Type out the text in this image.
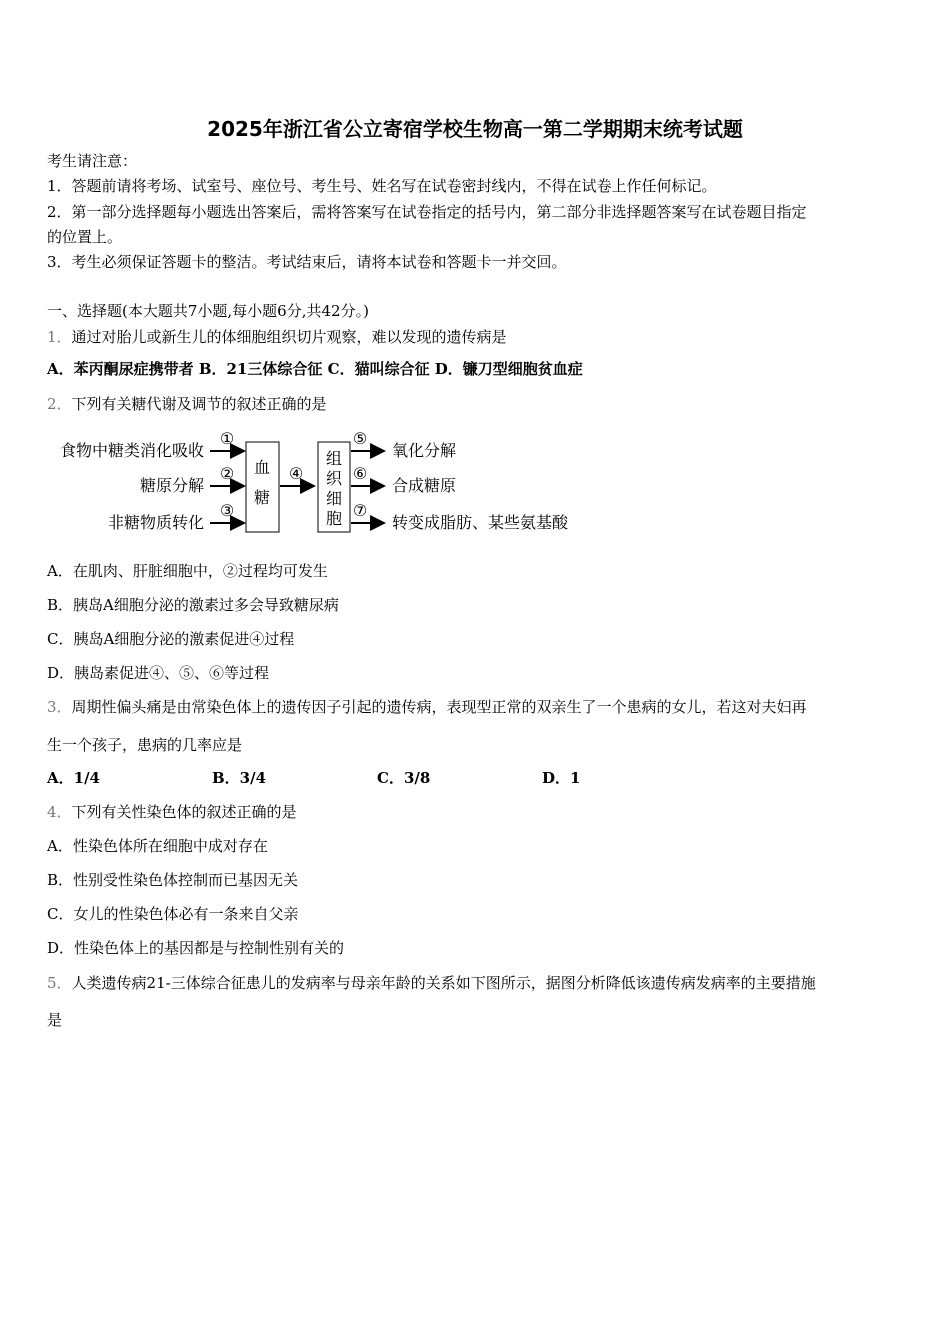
2025年浙江省公立寄宿学校生物高一第二学期期末统考试题
考生请注意：
1．答题前请将考场、试室号、座位号、考生号、姓名写在试卷密封线内，不得在试卷上作任何标记。
2．第一部分选择题每小题选出答案后，需将答案写在试卷指定的括号内，第二部分非选择题答案写在试卷题目指定
的位置上。
3．考生必须保证答题卡的整洁。考试结束后，请将本试卷和答题卡一并交回。
一、选择题(本大题共7小题,每小题6分,共42分。)
1．通过对胎儿或新生儿的体细胞组织切片观察，难以发现的遗传病是
A．苯丙酮尿症携带者 B．21三体综合征 C．猫叫综合征 D．镰刀型细胞贫血症
2．下列有关糖代谢及调节的叙述正确的是
食物中糖类消化吸收
糖原分解
非糖物质转化
①
②
③
血
糖
④
组
织
细
胞
⑤
⑥
⑦
氧化分解
合成糖原
转变成脂肪、某些氨基酸
A．在肌肉、肝脏细胞中，②过程均可发生
B．胰岛A细胞分泌的激素过多会导致糖尿病
C．胰岛A细胞分泌的激素促进④过程
D．胰岛素促进④、⑤、⑥等过程
3．周期性偏头痛是由常染色体上的遗传因子引起的遗传病，表现型正常的双亲生了一个患病的女儿，若这对夫妇再
生一个孩子，患病的几率应是
A．1/4	B．3/4	C．3/8	D．1
4．下列有关性染色体的叙述正确的是
A．性染色体所在细胞中成对存在
B．性别受性染色体控制而已基因无关
C．女儿的性染色体必有一条来自父亲
D．性染色体上的基因都是与控制性别有关的
5．人类遗传病21-三体综合征患儿的发病率与母亲年龄的关系如下图所示，据图分析降低该遗传病发病率的主要措施
是
